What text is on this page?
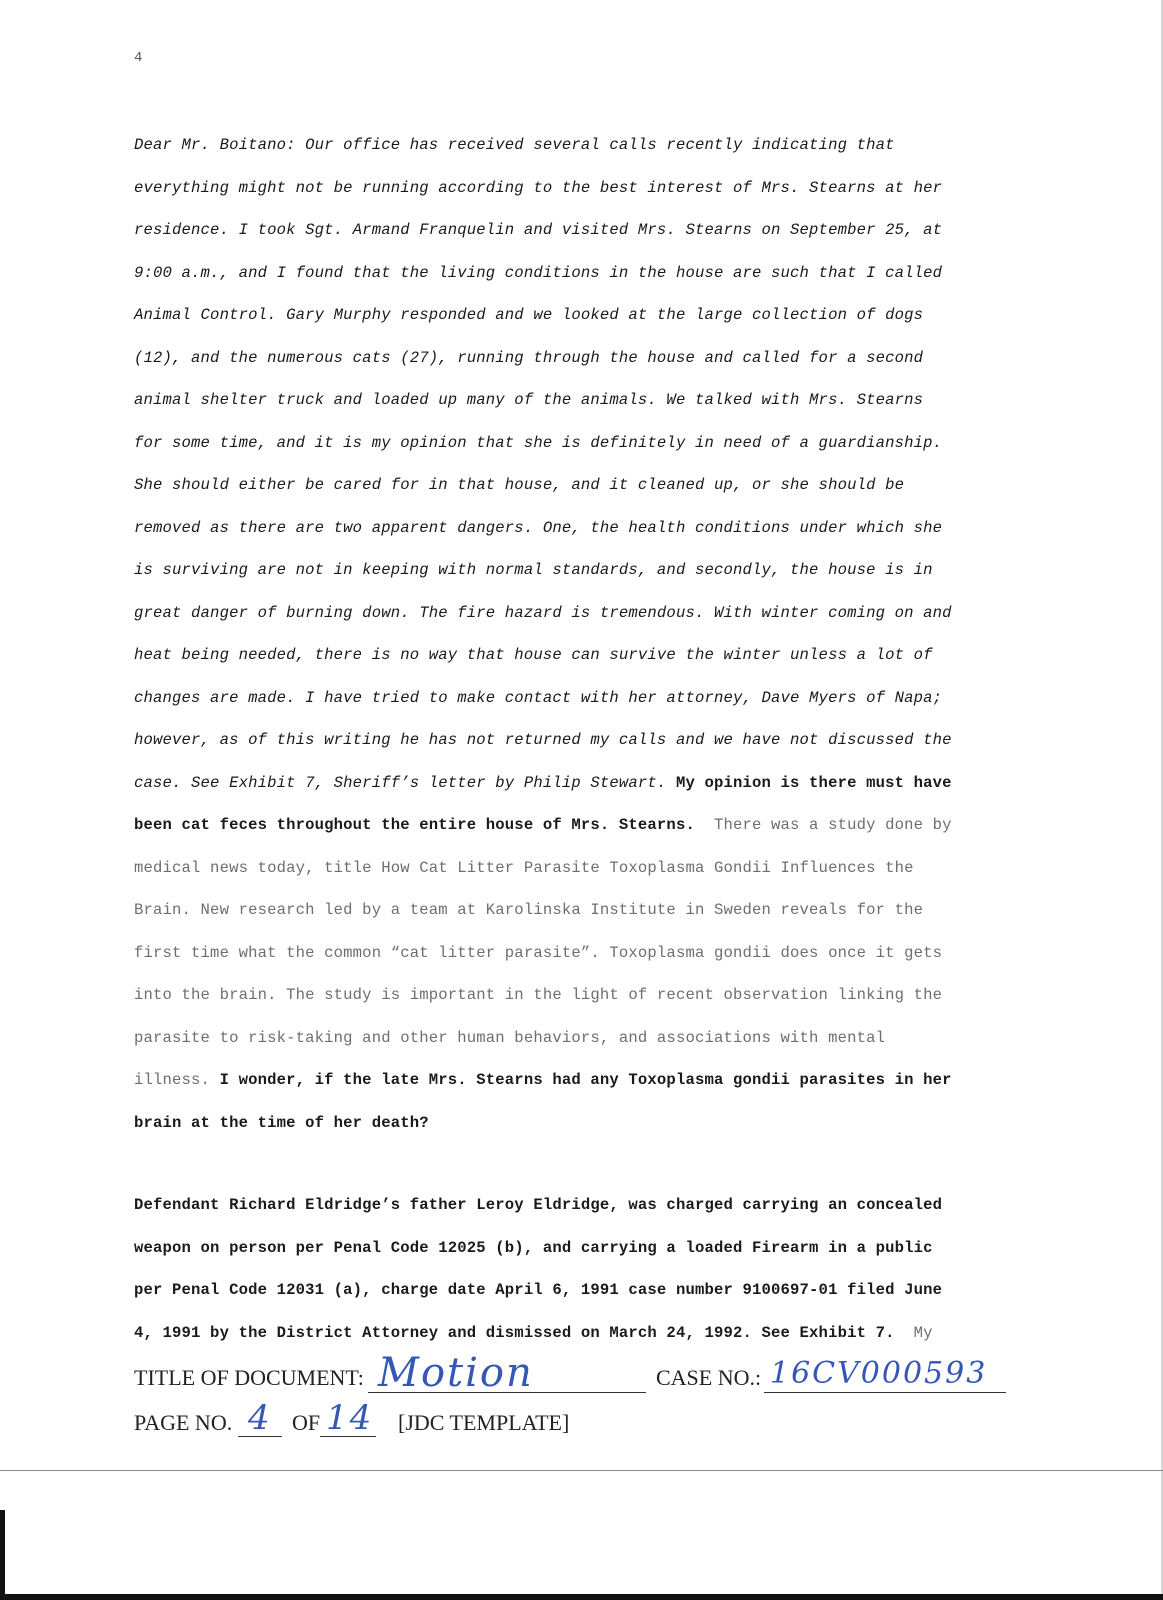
4
Dear Mr. Boitano: Our office has received several calls recently indicating that
everything might not be running according to the best interest of Mrs. Stearns at her
residence. I took Sgt. Armand Franquelin and visited Mrs. Stearns on September 25, at
9:00 a.m., and I found that the living conditions in the house are such that I called
Animal Control. Gary Murphy responded and we looked at the large collection of dogs
(12), and the numerous cats (27), running through the house and called for a second
animal shelter truck and loaded up many of the animals. We talked with Mrs. Stearns
for some time, and it is my opinion that she is definitely in need of a guardianship.
She should either be cared for in that house, and it cleaned up, or she should be
removed as there are two apparent dangers. One, the health conditions under which she
is surviving are not in keeping with normal standards, and secondly, the house is in
great danger of burning down. The fire hazard is tremendous. With winter coming on and
heat being needed, there is no way that house can survive the winter unless a lot of
changes are made. I have tried to make contact with her attorney, Dave Myers of Napa;
however, as of this writing he has not returned my calls and we have not discussed the
case. See Exhibit 7, Sheriff’s letter by Philip Stewart. My opinion is there must have
been cat feces throughout the entire house of Mrs. Stearns.  There was a study done by
medical news today, title How Cat Litter Parasite Toxoplasma Gondii Influences the
Brain. New research led by a team at Karolinska Institute in Sweden reveals for the
first time what the common “cat litter parasite”. Toxoplasma gondii does once it gets
into the brain. The study is important in the light of recent observation linking the
parasite to risk-taking and other human behaviors, and associations with mental
illness. I wonder, if the late Mrs. Stearns had any Toxoplasma gondii parasites in her
brain at the time of her death?
Defendant Richard Eldridge’s father Leroy Eldridge, was charged carrying an concealed
weapon on person per Penal Code 12025 (b), and carrying a loaded Firearm in a public
per Penal Code 12031 (a), charge date April 6, 1991 case number 9100697-01 filed June
4, 1991 by the District Attorney and dismissed on March 24, 1992. See Exhibit 7.  My
TITLE OF DOCUMENT: Motion	CASE NO.: 16CV000593
PAGE NO. 4 OF 14 [JDC TEMPLATE]
